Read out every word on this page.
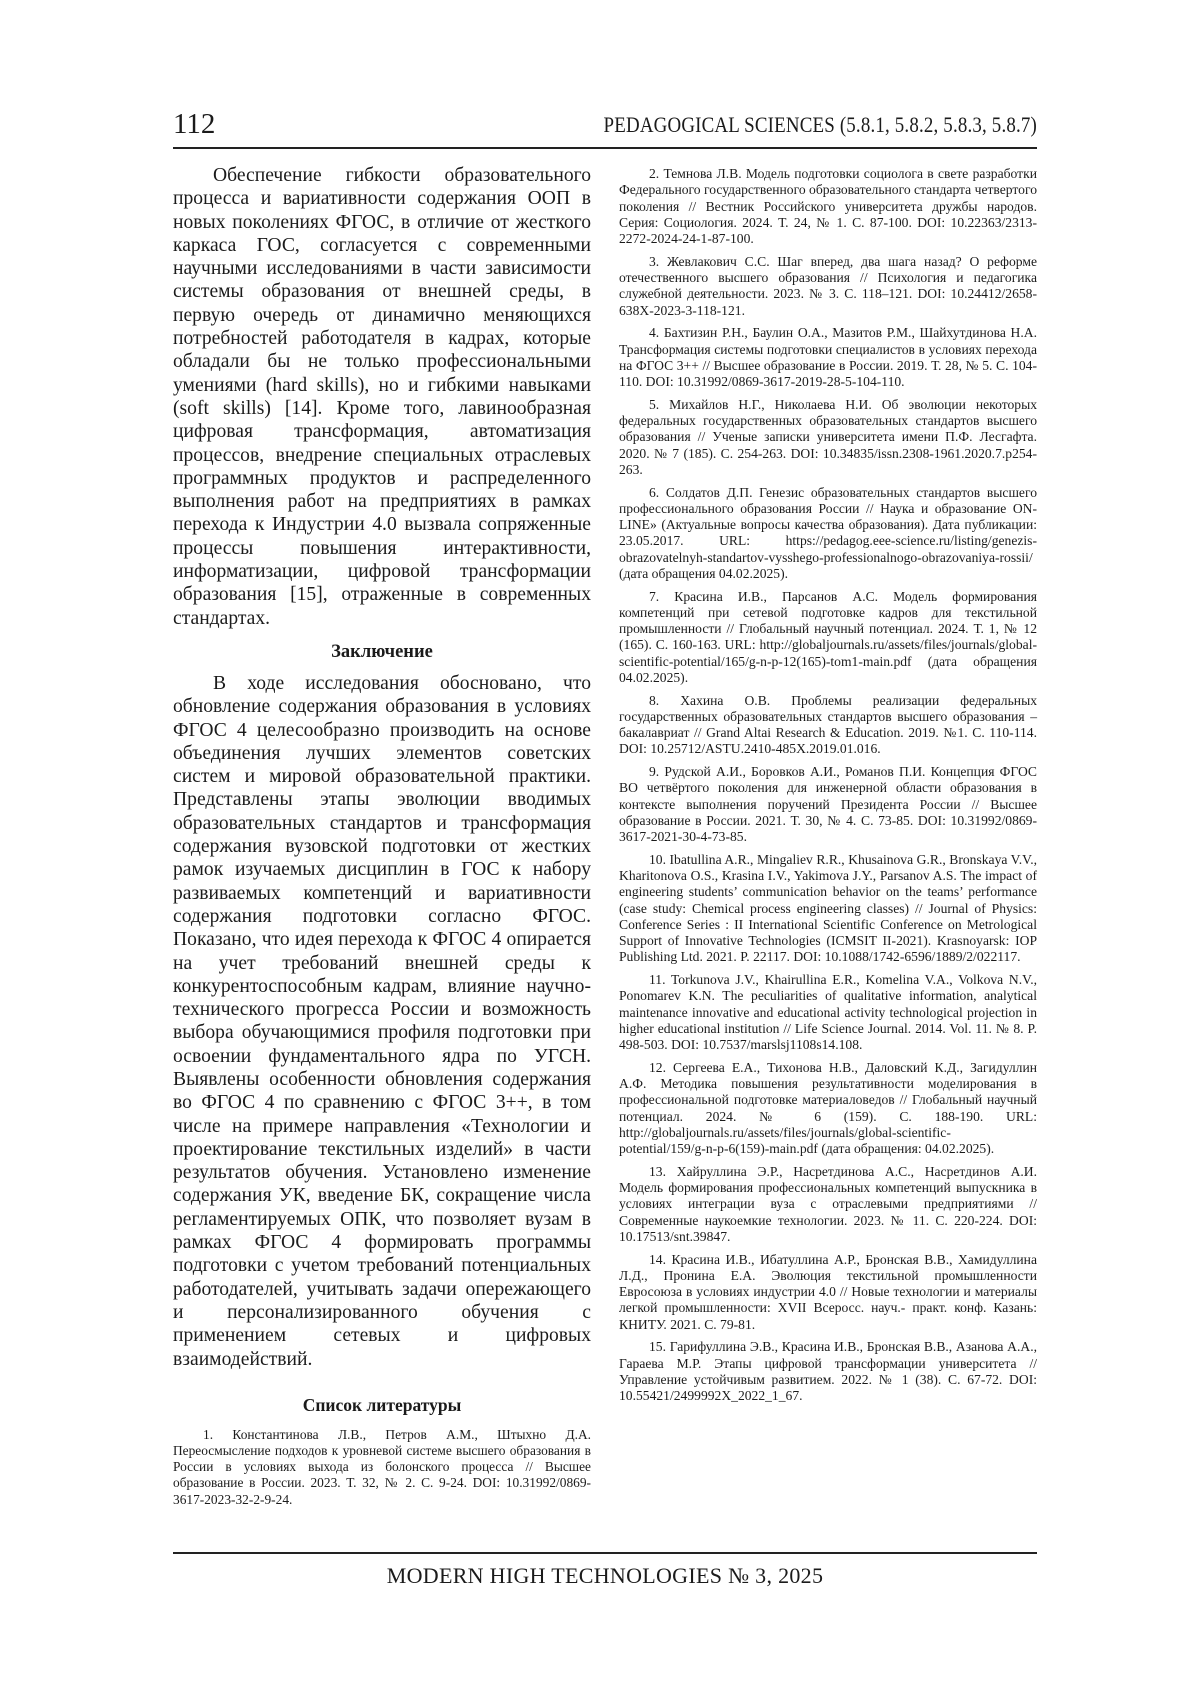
112	PEDAGOGICAL SCIENCES (5.8.1, 5.8.2, 5.8.3, 5.8.7)

Обеспечение гибкости образовательного процесса и вариативности содержания ООП в новых поколениях ФГОС, в отличие от жесткого каркаса ГОС, согласуется с современными научными исследованиями в части зависимости системы образования от внешней среды, в первую очередь от динамично меняющихся потребностей работодателя в кадрах, которые обладали бы не только профессиональными умениями (hard skills), но и гибкими навыками (soft skills) [14]. Кроме того, лавинообразная цифровая трансформация, автоматизация процессов, внедрение специальных отраслевых программных продуктов и распределенного выполнения работ на предприятиях в рамках перехода к Индустрии 4.0 вызвала сопряженные процессы повышения интерактивности, информатизации, цифровой трансформации образования [15], отраженные в современных стандартах.

Заключение

В ходе исследования обосновано, что обновление содержания образования в условиях ФГОС 4 целесообразно производить на основе объединения лучших элементов советских систем и мировой образовательной практики. Представлены этапы эволюции вводимых образовательных стандартов и трансформация содержания вузовской подготовки от жестких рамок изучаемых дисциплин в ГОС к набору развиваемых компетенций и вариативности содержания подготовки согласно ФГОС. Показано, что идея перехода к ФГОС 4 опирается на учет требований внешней среды к конкурентоспособным кадрам, влияние научно-технического прогресса России и возможность выбора обучающимися профиля подготовки при освоении фундаментального ядра по УГСН. Выявлены особенности обновления содержания во ФГОС 4 по сравнению с ФГОС 3++, в том числе на примере направления «Технологии и проектирование текстильных изделий» в части результатов обучения. Установлено изменение содержания УК, введение БК, сокращение числа регламентируемых ОПК, что позволяет вузам в рамках ФГОС 4 формировать программы подготовки с учетом требований потенциальных работодателей, учитывать задачи опережающего и персонализированного обучения с применением сетевых и цифровых взаимодействий.

Список литературы

1. Константинова Л.В., Петров А.М., Штыхно Д.А. Переосмысление подходов к уровневой системе высшего образования в России в условиях выхода из болонского процесса // Высшее образование в России. 2023. Т. 32, № 2. С. 9-24. DOI: 10.31992/0869-3617-2023-32-2-9-24.

2. Темнова Л.В. Модель подготовки социолога в свете разработки Федерального государственного образовательного стандарта четвертого поколения // Вестник Российского университета дружбы народов. Серия: Социология. 2024. Т. 24, № 1. С. 87-100. DOI: 10.22363/2313-2272-2024-24-1-87-100.

3. Жевлакович С.С. Шаг вперед, два шага назад? О реформе отечественного высшего образования // Психология и педагогика служебной деятельности. 2023. № 3. С. 118–121. DOI: 10.24412/2658-638X-2023-3-118-121.

4. Бахтизин Р.Н., Баулин О.А., Мазитов Р.М., Шайхутдинова Н.А. Трансформация системы подготовки специалистов в условиях перехода на ФГОС 3++ // Высшее образование в России. 2019. Т. 28, № 5. С. 104-110. DOI: 10.31992/0869-3617-2019-28-5-104-110.

5. Михайлов Н.Г., Николаева Н.И. Об эволюции некоторых федеральных государственных образовательных стандартов высшего образования // Ученые записки университета имени П.Ф. Лесгафта. 2020. № 7 (185). С. 254-263. DOI: 10.34835/issn.2308-1961.2020.7.p254-263.

6. Солдатов Д.П. Генезис образовательных стандартов высшего профессионального образования России // Наука и образование ON-LINE» (Актуальные вопросы качества образования). Дата публикации: 23.05.2017. URL: https://pedagog.eee-science.ru/listing/genezis-obrazovatelnyh-standartov-vysshego-professionalnogo-obrazovaniya-rossii/ (дата обращения 04.02.2025).

7. Красина И.В., Парсанов А.С. Модель формирования компетенций при сетевой подготовке кадров для текстильной промышленности // Глобальный научный потенциал. 2024. Т. 1, № 12 (165). С. 160-163. URL: http://globaljournals.ru/assets/files/journals/global-scientific-potential/165/g-n-p-12(165)-tom1-main.pdf (дата обращения 04.02.2025).

8. Хахина О.В. Проблемы реализации федеральных государственных образовательных стандартов высшего образования – бакалавриат // Grand Altai Research & Education. 2019. №1. С. 110-114. DOI: 10.25712/ASTU.2410-485X.2019.01.016.

9. Рудской А.И., Боровков А.И., Романов П.И. Концепция ФГОС ВО четвёртого поколения для инженерной области образования в контексте выполнения поручений Президента России // Высшее образование в России. 2021. Т. 30, № 4. С. 73-85. DOI: 10.31992/0869-3617-2021-30-4-73-85.

10. Ibatullina A.R., Mingaliev R.R., Khusainova G.R., Bronskaya V.V., Kharitonova O.S., Krasina I.V., Yakimova J.Y., Parsanov A.S. The impact of engineering students’ communication behavior on the teams’ performance (case study: Chemical process engineering classes) // Journal of Physics: Conference Series : II International Scientific Conference on Metrological Support of Innovative Technologies (ICMSIT II-2021). Krasnoyarsk: IOP Publishing Ltd. 2021. P. 22117. DOI: 10.1088/1742-6596/1889/2/022117.

11. Torkunova J.V., Khairullina E.R., Komelina V.A., Volkova N.V., Ponomarev K.N. The peculiarities of qualitative information, analytical maintenance innovative and educational activity technological projection in higher educational institution // Life Science Journal. 2014. Vol. 11. № 8. P. 498-503. DOI: 10.7537/marslsj1108s14.108.

12. Сергеева Е.А., Тихонова Н.В., Даловский К.Д., Загидуллин А.Ф. Методика повышения результативности моделирования в профессиональной подготовке материаловедов // Глобальный научный потенциал. 2024. № 6 (159). С. 188-190. URL: http://globaljournals.ru/assets/files/journals/global-scientific-potential/159/g-n-p-6(159)-main.pdf (дата обращения: 04.02.2025).

13. Хайруллина Э.Р., Насретдинова А.С., Насретдинов А.И. Модель формирования профессиональных компетенций выпускника в условиях интеграции вуза с отраслевыми предприятиями // Современные наукоемкие технологии. 2023. № 11. С. 220-224. DOI: 10.17513/snt.39847.

14. Красина И.В., Ибатуллина А.Р., Бронская В.В., Хамидуллина Л.Д., Пронина Е.А. Эволюция текстильной промышленности Евросоюза в условиях индустрии 4.0 // Новые технологии и материалы легкой промышленности: XVII Всеросс. науч.- практ. конф. Казань: КНИТУ. 2021. С. 79-81.

15. Гарифуллина Э.В., Красина И.В., Бронская В.В., Азанова А.А., Гараева М.Р. Этапы цифровой трансформации университета // Управление устойчивым развитием. 2022. № 1 (38). С. 67-72. DOI: 10.55421/2499992X_2022_1_67.

MODERN HIGH TECHNOLOGIES № 3, 2025
